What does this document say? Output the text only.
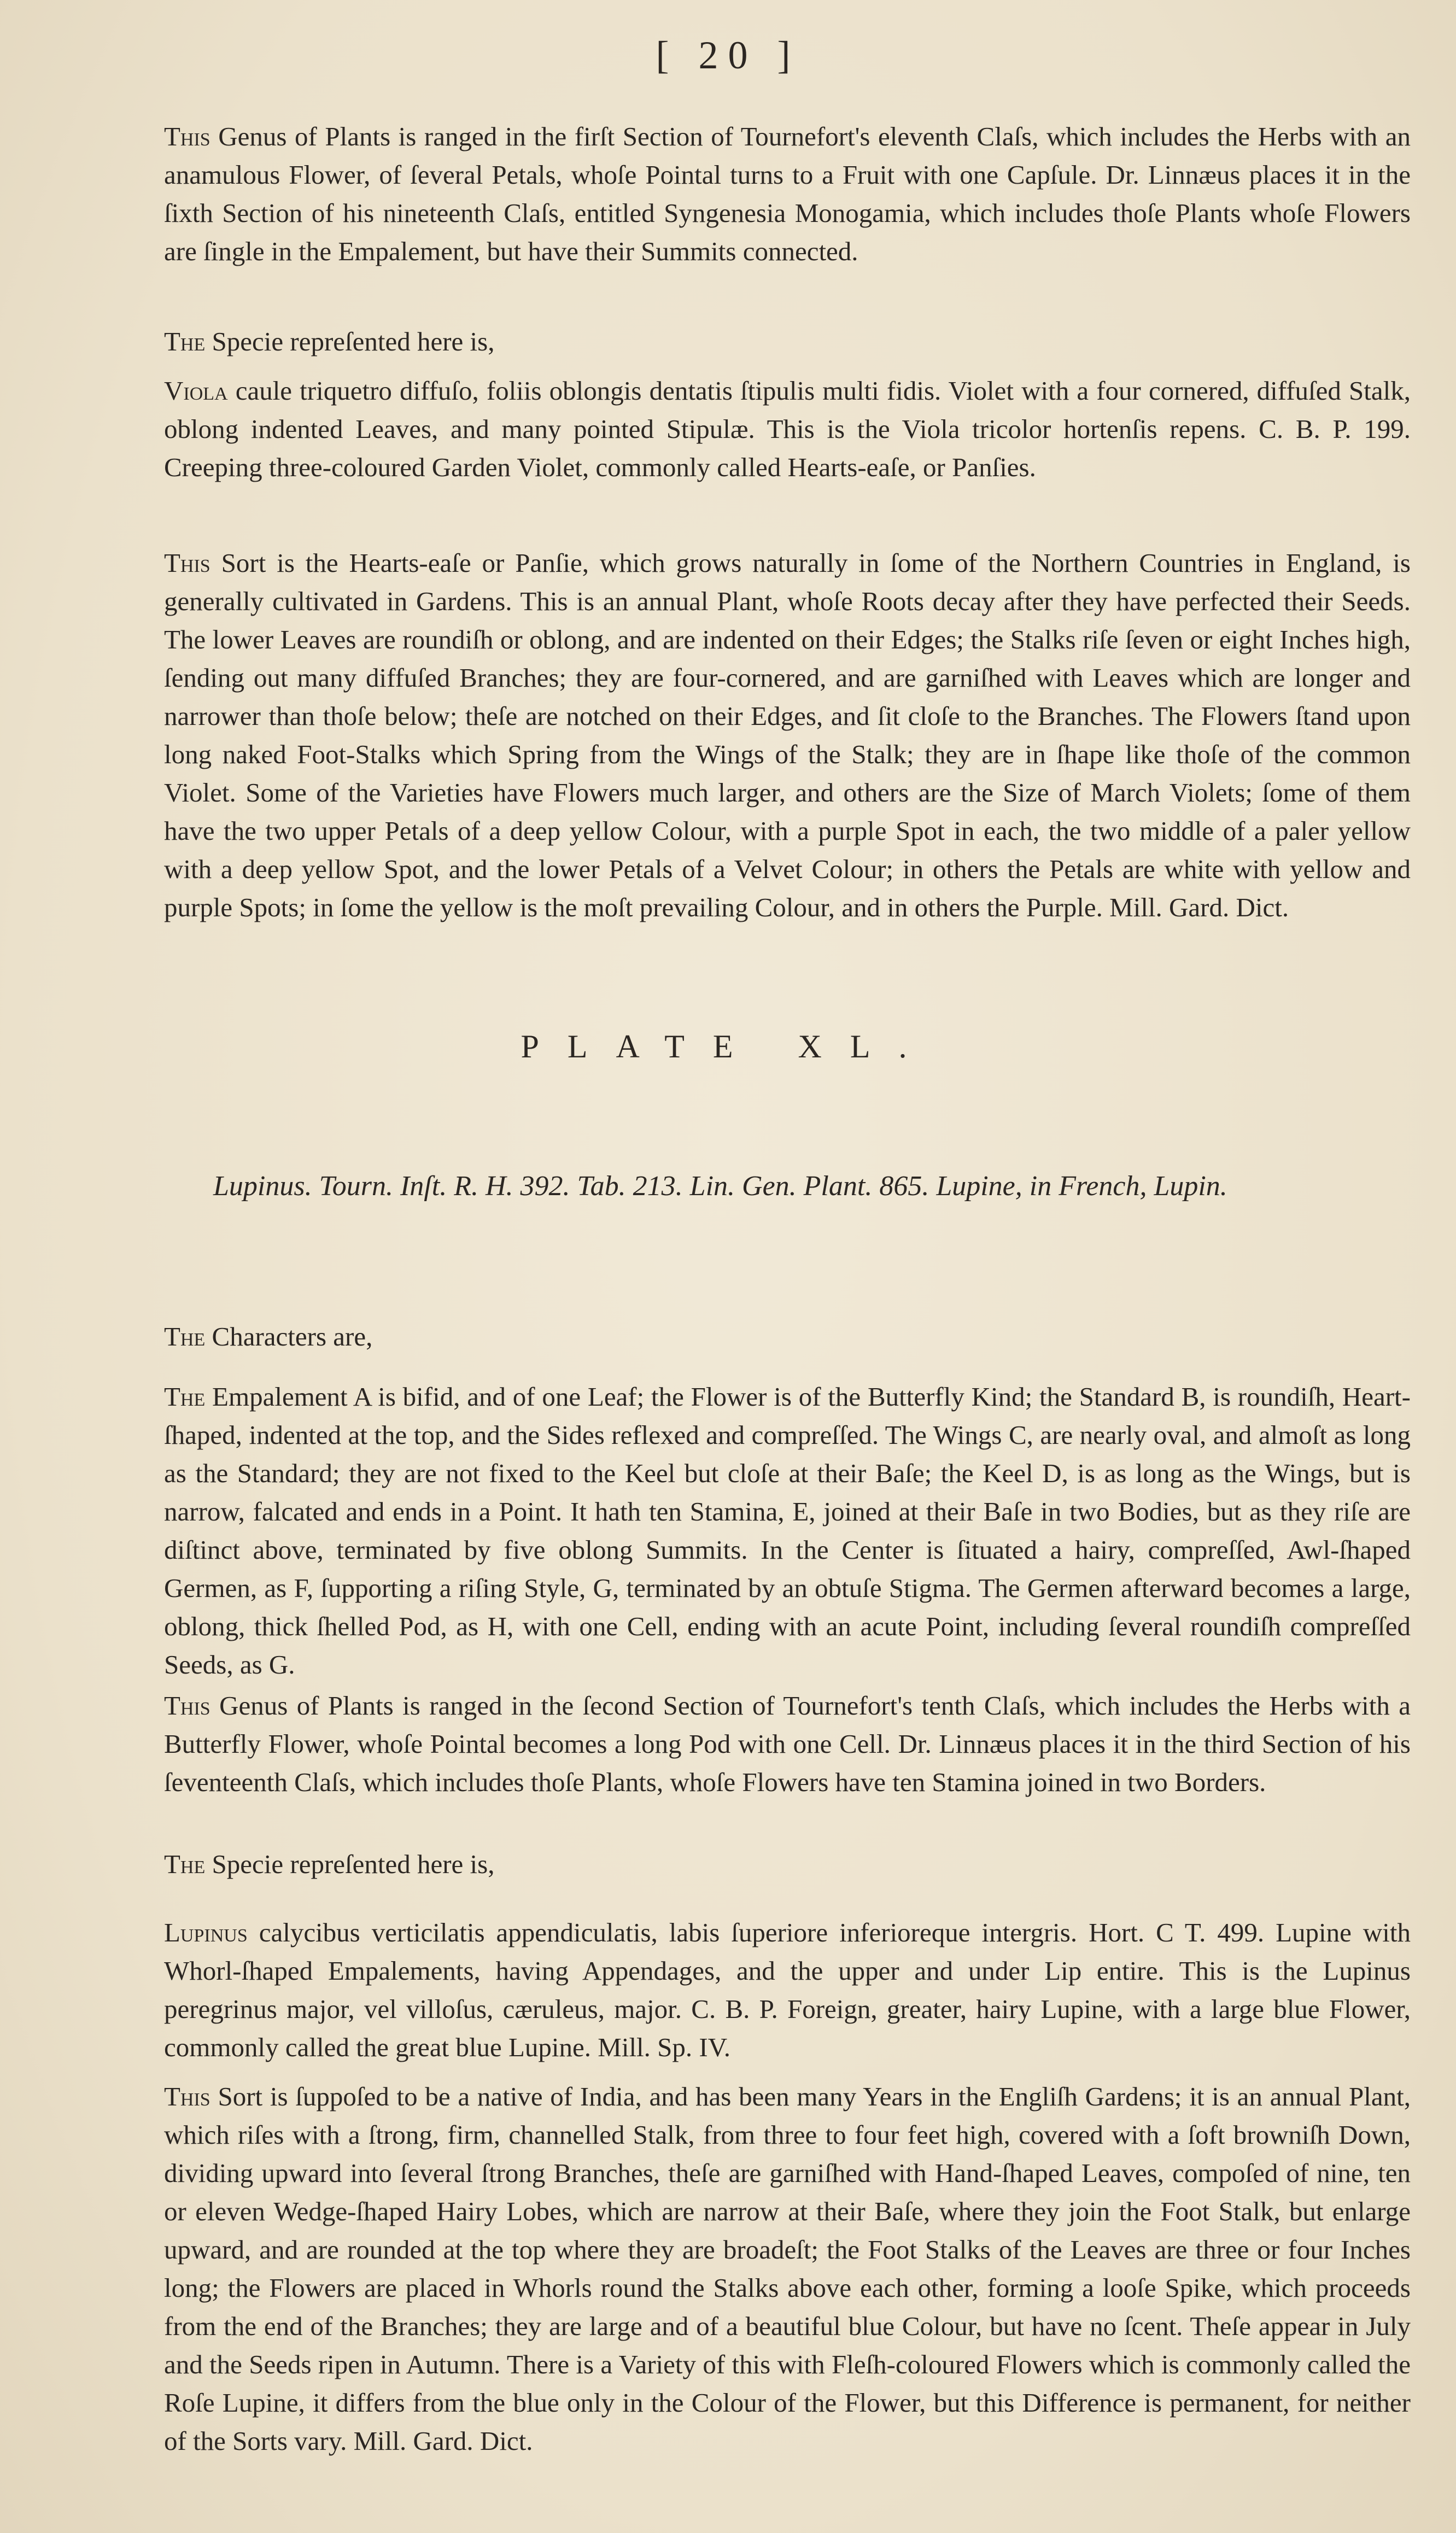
[ 20 ]

This Genus of Plants is ranged in the firſt Section of Tournefort's eleventh Claſs, which includes the Herbs with an anamulous Flower, of ſeveral Petals, whoſe Pointal turns to a Fruit with one Capſule. Dr. Linnæus places it in the ſixth Section of his nineteenth Claſs, entitled Syngenesia Monogamia, which includes thoſe Plants whoſe Flowers are ſingle in the Empalement, but have their Summits connected.

The Specie repreſented here is,

Viola caule triquetro diffuſo, foliis oblongis dentatis ſtipulis multi fidis. Violet with a four cornered, diffuſed Stalk, oblong indented Leaves, and many pointed Stipulæ. This is the Viola tricolor hortenſis repens. C. B. P. 199. Creeping three-coloured Garden Violet, commonly called Hearts-eaſe, or Panſies.

This Sort is the Hearts-eaſe or Panſie, which grows naturally in ſome of the Northern Countries in England, is generally cultivated in Gardens. This is an annual Plant, whoſe Roots decay after they have perfected their Seeds. The lower Leaves are roundiſh or oblong, and are indented on their Edges; the Stalks riſe ſeven or eight Inches high, ſending out many diffuſed Branches; they are four-cornered, and are garniſhed with Leaves which are longer and narrower than thoſe below; theſe are notched on their Edges, and ſit cloſe to the Branches. The Flowers ſtand upon long naked Foot-Stalks which Spring from the Wings of the Stalk; they are in ſhape like thoſe of the common Violet. Some of the Varieties have Flowers much larger, and others are the Size of March Violets; ſome of them have the two upper Petals of a deep yellow Colour, with a purple Spot in each, the two middle of a paler yellow with a deep yellow Spot, and the lower Petals of a Velvet Colour; in others the Petals are white with yellow and purple Spots; in ſome the yellow is the moſt prevailing Colour, and in others the Purple. Mill. Gard. Dict.

PLATE XL.
Lupinus. Tourn. Inſt. R. H. 392. Tab. 213. Lin. Gen. Plant. 865. Lupine, in French, Lupin.

The Characters are,

The Empalement A is bifid, and of one Leaf; the Flower is of the Butterfly Kind; the Standard B, is roundiſh, Heart-ſhaped, indented at the top, and the Sides reflexed and compreſſed. The Wings C, are nearly oval, and almoſt as long as the Standard; they are not fixed to the Keel but cloſe at their Baſe; the Keel D, is as long as the Wings, but is narrow, falcated and ends in a Point. It hath ten Stamina, E, joined at their Baſe in two Bodies, but as they riſe are diſtinct above, terminated by five oblong Summits. In the Center is ſituated a hairy, compreſſed, Awl-ſhaped Germen, as F, ſupporting a riſing Style, G, terminated by an obtuſe Stigma. The Germen afterward becomes a large, oblong, thick ſhelled Pod, as H, with one Cell, ending with an acute Point, including ſeveral roundiſh compreſſed Seeds, as G.

This Genus of Plants is ranged in the ſecond Section of Tournefort's tenth Claſs, which includes the Herbs with a Butterfly Flower, whoſe Pointal becomes a long Pod with one Cell. Dr. Linnæus places it in the third Section of his ſeventeenth Claſs, which includes thoſe Plants, whoſe Flowers have ten Stamina joined in two Borders.

The Specie repreſented here is,

Lupinus calycibus verticilatis appendiculatis, labis ſuperiore inferioreque intergris. Hort. C T. 499. Lupine with Whorl-ſhaped Empalements, having Appendages, and the upper and under Lip entire. This is the Lupinus peregrinus major, vel villoſus, cæruleus, major. C. B. P. Foreign, greater, hairy Lupine, with a large blue Flower, commonly called the great blue Lupine. Mill. Sp. IV.

This Sort is ſuppoſed to be a native of India, and has been many Years in the Engliſh Gardens; it is an annual Plant, which riſes with a ſtrong, firm, channelled Stalk, from three to four feet high, covered with a ſoft browniſh Down, dividing upward into ſeveral ſtrong Branches, theſe are garniſhed with Hand-ſhaped Leaves, compoſed of nine, ten or eleven Wedge-ſhaped Hairy Lobes, which are narrow at their Baſe, where they join the Foot Stalk, but enlarge upward, and are rounded at the top where they are broadeſt; the Foot Stalks of the Leaves are three or four Inches long; the Flowers are placed in Whorls round the Stalks above each other, forming a looſe Spike, which proceeds from the end of the Branches; they are large and of a beautiful blue Colour, but have no ſcent. Theſe appear in July and the Seeds ripen in Autumn. There is a Variety of this with Fleſh-coloured Flowers which is commonly called the Roſe Lupine, it differs from the blue only in the Colour of the Flower, but this Difference is permanent, for neither of the Sorts vary. Mill. Gard. Dict.
